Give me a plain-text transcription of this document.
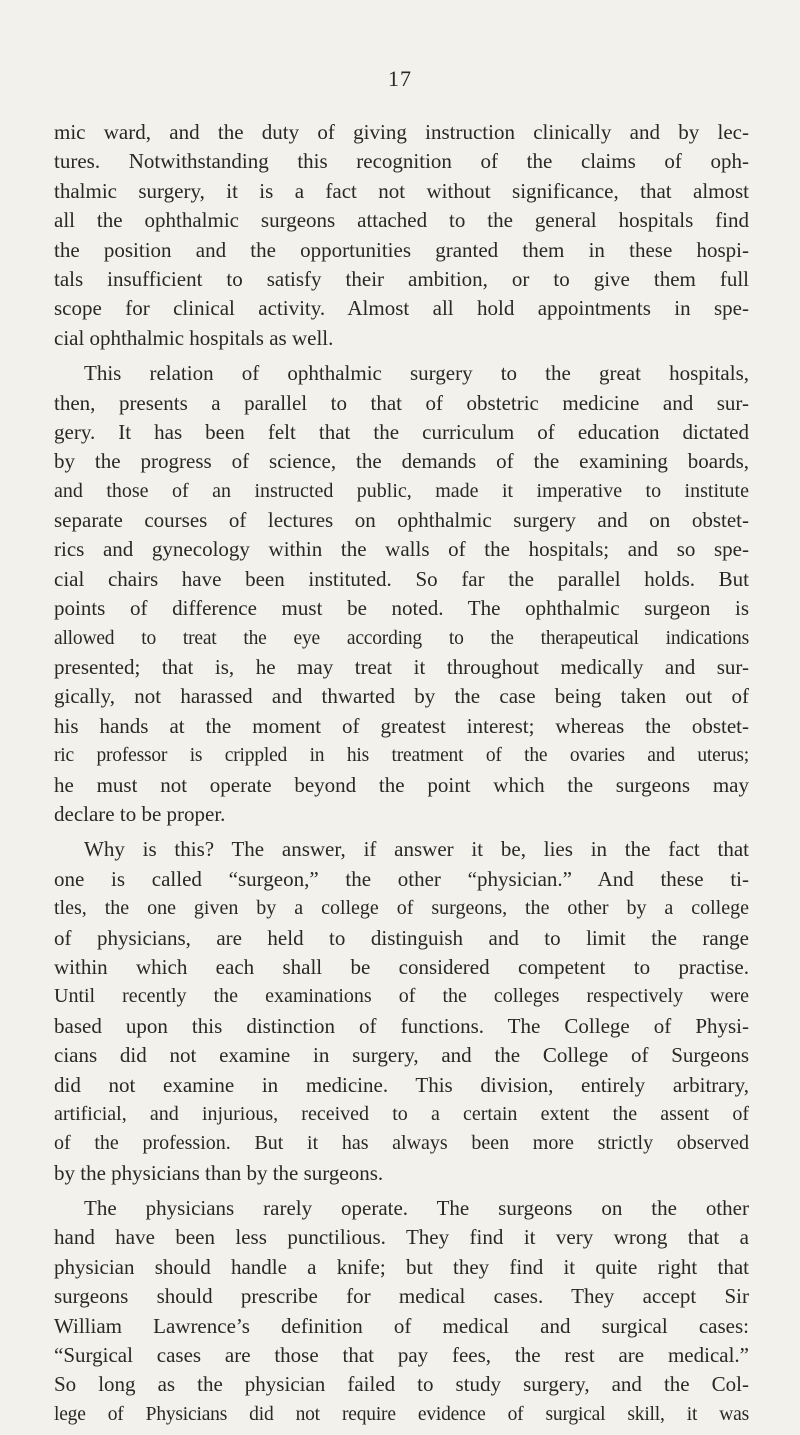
17

mic ward, and the duty of giving instruction clinically and by lec-
tures. Notwithstanding this recognition of the claims of oph-
thalmic surgery, it is a fact not without significance, that almost
all the ophthalmic surgeons attached to the general hospitals find
the position and the opportunities granted them in these hospi-
tals insufficient to satisfy their ambition, or to give them full
scope for clinical activity. Almost all hold appointments in spe-
cial ophthalmic hospitals as well.

This relation of ophthalmic surgery to the great hospitals,
then, presents a parallel to that of obstetric medicine and sur-
gery. It has been felt that the curriculum of education dictated
by the progress of science, the demands of the examining boards,
and those of an instructed public, made it imperative to institute
separate courses of lectures on ophthalmic surgery and on obstet-
rics and gynecology within the walls of the hospitals; and so spe-
cial chairs have been instituted. So far the parallel holds. But
points of difference must be noted. The ophthalmic surgeon is
allowed to treat the eye according to the therapeutical indications
presented; that is, he may treat it throughout medically and sur-
gically, not harassed and thwarted by the case being taken out of
his hands at the moment of greatest interest; whereas the obstet-
ric professor is crippled in his treatment of the ovaries and uterus;
he must not operate beyond the point which the surgeons may
declare to be proper.

Why is this? The answer, if answer it be, lies in the fact that
one is called “surgeon,” the other “physician.” And these ti-
tles, the one given by a college of surgeons, the other by a college
of physicians, are held to distinguish and to limit the range
within which each shall be considered competent to practise.
Until recently the examinations of the colleges respectively were
based upon this distinction of functions. The College of Physi-
cians did not examine in surgery, and the College of Surgeons
did not examine in medicine. This division, entirely arbitrary,
artificial, and injurious, received to a certain extent the assent of
of the profession. But it has always been more strictly observed
by the physicians than by the surgeons.

The physicians rarely operate. The surgeons on the other
hand have been less punctilious. They find it very wrong that a
physician should handle a knife; but they find it quite right that
surgeons should prescribe for medical cases. They accept Sir
William Lawrence’s definition of medical and surgical cases:
“Surgical cases are those that pay fees, the rest are medical.”
So long as the physician failed to study surgery, and the Col-
lege of Physicians did not require evidence of surgical skill, it was
